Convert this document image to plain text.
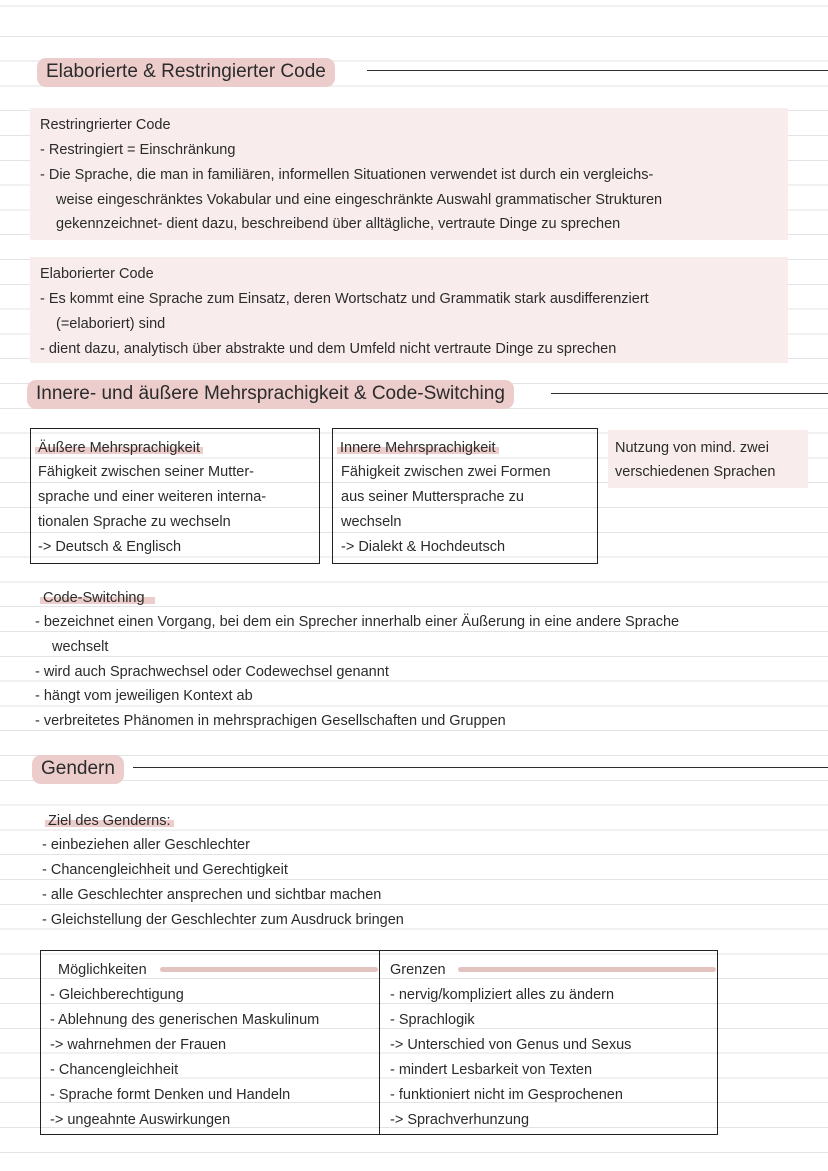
Elaborierte & Restringierter Code
Restringrierter Code
- Restringiert = Einschränkung
- Die Sprache, die man in familiären, informellen Situationen verwendet ist durch ein vergleichs-
weise eingeschränktes Vokabular und eine eingeschränkte Auswahl grammatischer Strukturen
gekennzeichnet- dient dazu, beschreibend über alltägliche, vertraute Dinge zu sprechen
Elaborierter Code
- Es kommt eine Sprache zum Einsatz, deren Wortschatz und Grammatik stark ausdifferenziert
(=elaboriert) sind
- dient dazu, analytisch über abstrakte und dem Umfeld nicht vertraute Dinge zu sprechen
Innere- und äußere Mehrsprachigkeit & Code-Switching
Äußere Mehrsprachigkeit
Fähigkeit zwischen seiner Mutter-
sprache und einer weiteren interna-
tionalen Sprache zu wechseln
-> Deutsch & Englisch
Innere Mehrsprachigkeit
Fähigkeit zwischen zwei Formen
aus seiner Muttersprache zu
wechseln
-> Dialekt & Hochdeutsch
Nutzung von mind. zwei
verschiedenen Sprachen
Code-Switching
- bezeichnet einen Vorgang, bei dem ein Sprecher innerhalb einer Äußerung in eine andere Sprache
wechselt
- wird auch Sprachwechsel oder Codewechsel genannt
- hängt vom jeweiligen Kontext ab
- verbreitetes Phänomen in mehrsprachigen Gesellschaften und Gruppen
Gendern
Ziel des Genderns:
- einbeziehen aller Geschlechter
- Chancengleichheit und Gerechtigkeit
- alle Geschlechter ansprechen und sichtbar machen
- Gleichstellung der Geschlechter zum Ausdruck bringen
Möglichkeiten
- Gleichberechtigung
- Ablehnung des generischen Maskulinum
-> wahrnehmen der Frauen
- Chancengleichheit
- Sprache formt Denken und Handeln
-> ungeahnte Auswirkungen
Grenzen
- nervig/kompliziert alles zu ändern
- Sprachlogik
-> Unterschied von Genus und Sexus
- mindert Lesbarkeit von Texten
- funktioniert nicht im Gesprochenen
-> Sprachverhunzung
